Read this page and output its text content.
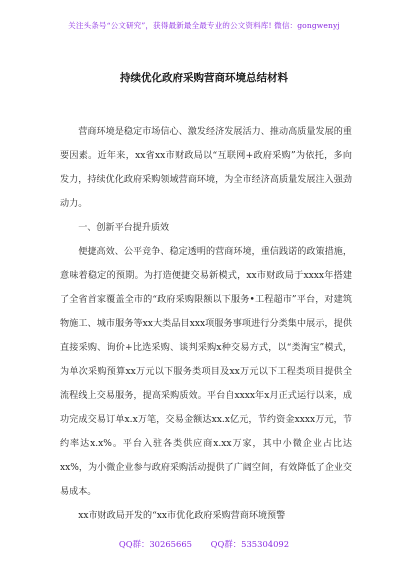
关注头条号“公文研究”，获得最新最全最专业的公文资料库! 微信：gongwenyj
持续优化政府采购营商环境总结材料

营商环境是稳定市场信心、激发经济发展活力、推动高质量发展的重要因素。近年来，xx省xx市财政局以“互联网+政府采购”为依托，多向发力，持续优化政府采购领域营商环境，为全市经济高质量发展注入强劲动力。

一、创新平台提升质效

便捷高效、公平竞争、稳定透明的营商环境，重信践诺的政策措施，意味着稳定的预期。为打造便捷交易新模式，xx市财政局于xxxx年搭建了全省首家覆盖全市的“政府采购限额以下服务•工程超市”平台，对建筑物施工、城市服务等xx大类品目xxx项服务事项进行分类集中展示，提供直接采购、询价+比选采购、谈判采购x种交易方式，以“类淘宝”模式，为单次采购预算xx万元以下服务类项目及xx万元以下工程类项目提供全流程线上交易服务，提高采购质效。平台自xxxx年x月正式运行以来，成功完成交易订单x.x万笔，交易金额达xx.x亿元，节约资金xxxx万元，节约率达x.x%。平台入驻各类供应商x.xx万家，其中小微企业占比达xx%，为小微企业参与政府采购活动提供了广阔空间，有效降低了企业交易成本。

xx市财政局开发的“xx市优化政府采购营商环境预警

QQ群：30265665 QQ群：535304092
